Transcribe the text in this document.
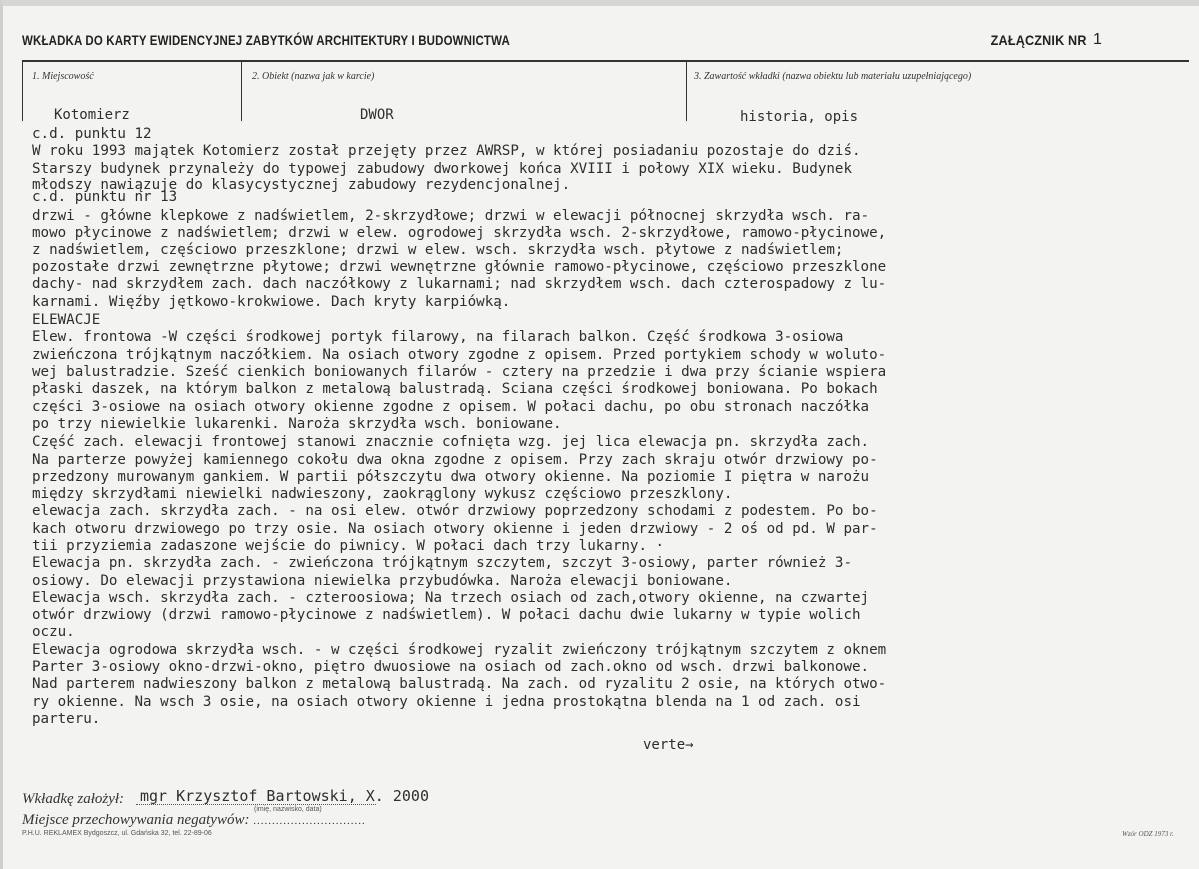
WKŁADKA DO KARTY EWIDENCYJNEJ ZABYTKÓW ARCHITEKTURY I BUDOWNICTWA	ZAŁĄCZNIK NR 1
1. Miejscowość	2. Obiekt (nazwa jak w karcie)	3. Zawartość wkładki (nazwa obiektu lub materiału uzupełniającego)
Kotomierz	DWOR	historia, opis
c.d. punktu 12
W roku 1993 majątek Kotomierz został przejęty przez AWRSP, w której posiadaniu pozostaje do dziś.
Starszy budynek przynależy do typowej zabudowy dworkowej końca XVIII i połowy XIX wieku. Budynek
młodszy nawiązuje do klasycystycznej zabudowy rezydencjonalnej.
c.d. punktu nr 13
drzwi - główne klepkowe z nadświetlem, 2-skrzydłowe; drzwi w elewacji północnej skrzydła wsch. ra-
mowo płycinowe z nadświetlem; drzwi w elew. ogrodowej skrzydła wsch. 2-skrzydłowe, ramowo-płycinowe,
z nadświetlem, częściowo przeszklone; drzwi w elew. wsch. skrzydła wsch. płytowe z nadświetlem;
pozostałe drzwi zewnętrzne płytowe; drzwi wewnętrzne głównie ramowo-płycinowe, częściowo przeszklone
dachy- nad skrzydłem zach. dach naczółkowy z lukarnami; nad skrzydłem wsch. dach czterospadowy z lu-
karnami. Więźby jętkowo-krokwiowe. Dach kryty karpiówką.
ELEWACJE
Elew. frontowa -W części środkowej portyk filarowy, na filarach balkon. Część środkowa 3-osiowa
zwieńczona trójkątnym naczółkiem. Na osiach otwory zgodne z opisem. Przed portykiem schody w woluto-
wej balustradzie. Sześć cienkich boniowanych filarów - cztery na przedzie i dwa przy ścianie wspiera
płaski daszek, na którym balkon z metalową balustradą. Sciana części środkowej boniowana. Po bokach
części 3-osiowe na osiach otwory okienne zgodne z opisem. W połaci dachu, po obu stronach naczółka
po trzy niewielkie lukarenki. Naroża skrzydła wsch. boniowane.
Część zach. elewacji frontowej stanowi znacznie cofnięta wzg. jej lica elewacja pn. skrzydła zach.
Na parterze powyżej kamiennego cokołu dwa okna zgodne z opisem. Przy zach skraju otwór drzwiowy po-
przedzony murowanym gankiem. W partii półszczytu dwa otwory okienne. Na poziomie I piętra w narożu
między skrzydłami niewielki nadwieszony, zaokrąglony wykusz częściowo przeszklony.
elewacja zach. skrzydła zach. - na osi elew. otwór drzwiowy poprzedzony schodami z podestem. Po bo-
kach otworu drzwiowego po trzy osie. Na osiach otwory okienne i jeden drzwiowy - 2 oś od pd. W par-
tii przyziemia zadaszone wejście do piwnicy. W połaci dach trzy lukarny. ·
Elewacja pn. skrzydła zach. - zwieńczona trójkątnym szczytem, szczyt 3-osiowy, parter również 3-
osiowy. Do elewacji przystawiona niewielka przybudówka. Naroża elewacji boniowane.
Elewacja wsch. skrzydła zach. - czteroosiowa; Na trzech osiach od zach,otwory okienne, na czwartej
otwór drzwiowy (drzwi ramowo-płycinowe z nadświetlem). W połaci dachu dwie lukarny w typie wolich
oczu.
Elewacja ogrodowa skrzydła wsch. - w części środkowej ryzalit zwieńczony trójkątnym szczytem z oknem
Parter 3-osiowy okno-drzwi-okno, piętro dwuosiowe na osiach od zach.okno od wsch. drzwi balkonowe.
Nad parterem nadwieszony balkon z metalową balustradą. Na zach. od ryzalitu 2 osie, na których otwo-
ry okienne. Na wsch 3 osie, na osiach otwory okienne i jedna prostokątna blenda na 1 od zach. osi
parteru.
verte→
Wkładkę założył: mgr Krzysztof Bartowski, X. 2000
(imię, nazwisko, data)
Miejsce przechowywania negatywów: ..............................
P.H.U. REKLAMEX Bydgoszcz, ul. Gdańska 32, tel. 22-89-06	Wzór ODZ 1973 r.
